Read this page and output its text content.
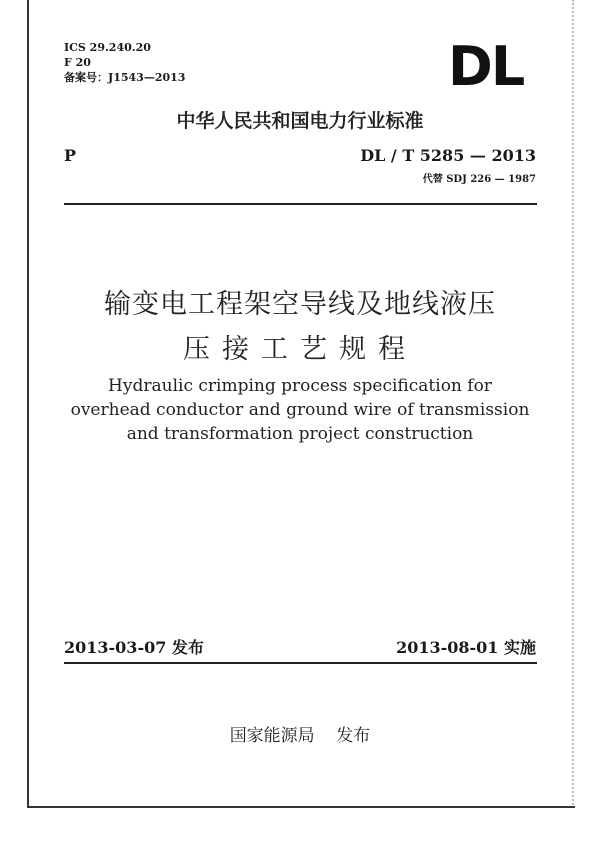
ICS 29.240.20
F 20
备案号：J1543—2013	DL
中华人民共和国电力行业标准
P	DL / T 5285 — 2013
代替 SDJ 226 — 1987
输变电工程架空导线及地线液压
压接工艺规程
Hydraulic crimping process specification for
overhead conductor and ground wire of transmission
and transformation project construction
2013-03-07 发布	2013-08-01 实施
国家能源局    发布
